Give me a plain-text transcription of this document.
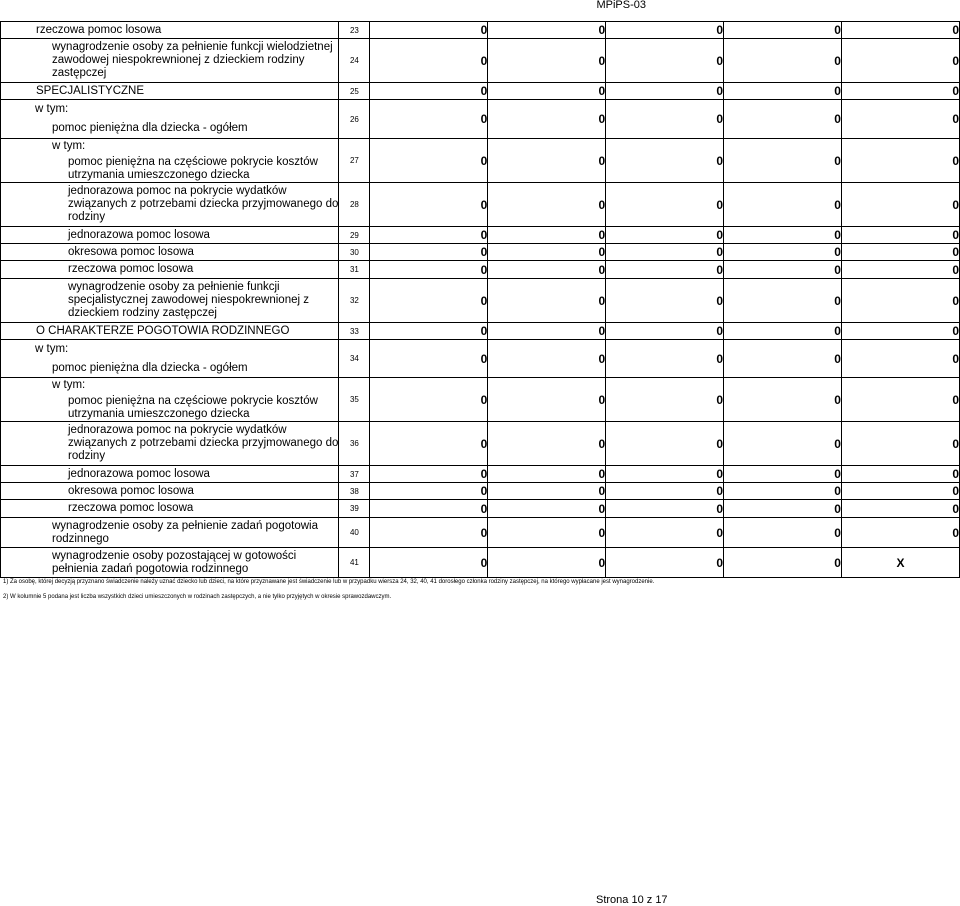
MPiPS-03
rzeczowa pomoc losowa	23	0	0	0	0	0

wynagrodzenie osoby za pełnienie funkcji wielodzietnej
zawodowej niespokrewnionej z dzieckiem rodziny
zastępczej	24	0	0	0	0	0
SPECJALISTYCZNE	25	0	0	0	0	0

w tym:
pomoc pieniężna dla dziecka - ogółem	26	0	0	0	0	0

w tym:
pomoc pieniężna na częściowe pokrycie kosztów
utrzymania umieszczonego dziecka	27	0	0	0	0	0

jednorazowa pomoc na pokrycie wydatków
związanych z potrzebami dziecka przyjmowanego do
rodziny	28	0	0	0	0	0
jednorazowa pomoc losowa	29	0	0	0	0	0
okresowa pomoc losowa	30	0	0	0	0	0
rzeczowa pomoc losowa	31	0	0	0	0	0

wynagrodzenie osoby za pełnienie funkcji
specjalistycznej zawodowej niespokrewnionej z
dzieckiem rodziny zastępczej	32	0	0	0	0	0
O CHARAKTERZE POGOTOWIA RODZINNEGO	33	0	0	0	0	0

w tym:
pomoc pieniężna dla dziecka - ogółem	34	0	0	0	0	0

w tym:
pomoc pieniężna na częściowe pokrycie kosztów
utrzymania umieszczonego dziecka	35	0	0	0	0	0

jednorazowa pomoc na pokrycie wydatków
związanych z potrzebami dziecka przyjmowanego do
rodziny	36	0	0	0	0	0
jednorazowa pomoc losowa	37	0	0	0	0	0
okresowa pomoc losowa	38	0	0	0	0	0
rzeczowa pomoc losowa	39	0	0	0	0	0

wynagrodzenie osoby za pełnienie zadań pogotowia
rodzinnego	40	0	0	0	0	0

wynagrodzenie osoby pozostającej w gotowości
pełnienia zadań pogotowia rodzinnego	41	0	0	0	0	X
1) Za osobę, której decyzją przyznano świadczenie należy uznać dziecko lub dzieci, na które przyznawane jest świadczenie lub w przypadku wiersza 24, 32, 40, 41 dorosłego członka rodziny zastępczej, na którego wypłacane jest wynagrodzenie.
2) W kolumnie 5 podana jest liczba wszystkich dzieci umieszczonych w rodzinach zastępczych, a nie tylko przyjętych w okresie sprawozdawczym.
Strona 10 z 17
